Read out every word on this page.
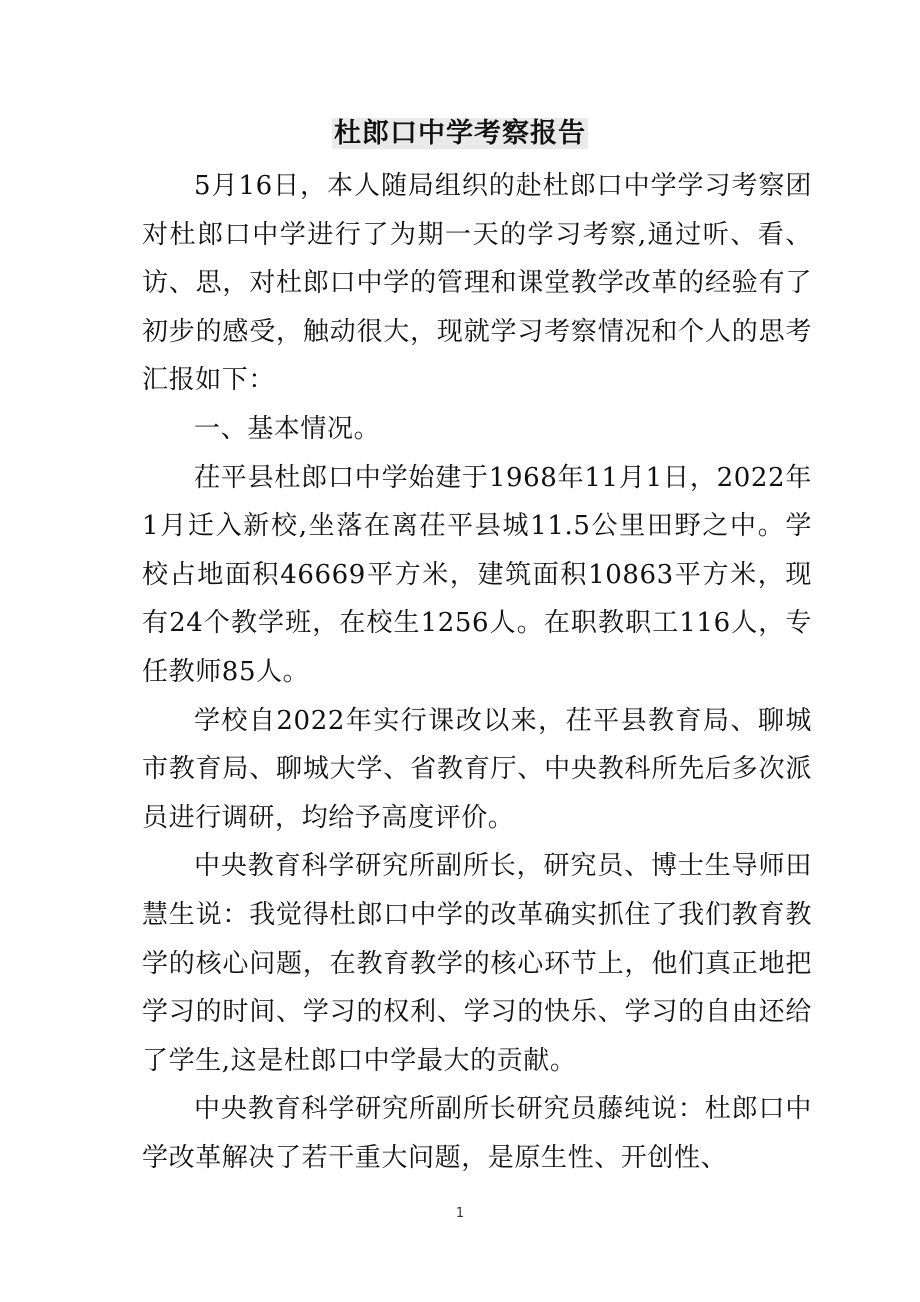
杜郎口中学考察报告

5月16日，本人随局组织的赴杜郎口中学学习考察团对杜郎口中学进行了为期一天的学习考察,通过听、看、访、思，对杜郎口中学的管理和课堂教学改革的经验有了初步的感受，触动很大，现就学习考察情况和个人的思考汇报如下：

一、基本情况。

茌平县杜郎口中学始建于1968年11月1日，2022年1月迁入新校,坐落在离茌平县城11.5公里田野之中。学校占地面积46669平方米，建筑面积10863平方米，现有24个教学班，在校生1256人。在职教职工116人，专任教师85人。

学校自2022年实行课改以来，茌平县教育局、聊城市教育局、聊城大学、省教育厅、中央教科所先后多次派员进行调研，均给予高度评价。

中央教育科学研究所副所长，研究员、博士生导师田慧生说：我觉得杜郎口中学的改革确实抓住了我们教育教学的核心问题，在教育教学的核心环节上，他们真正地把学习的时间、学习的权利、学习的快乐、学习的自由还给了学生,这是杜郎口中学最大的贡献。

中央教育科学研究所副所长研究员藤纯说：杜郎口中学改革解决了若干重大问题，是原生性、开创性、

1
